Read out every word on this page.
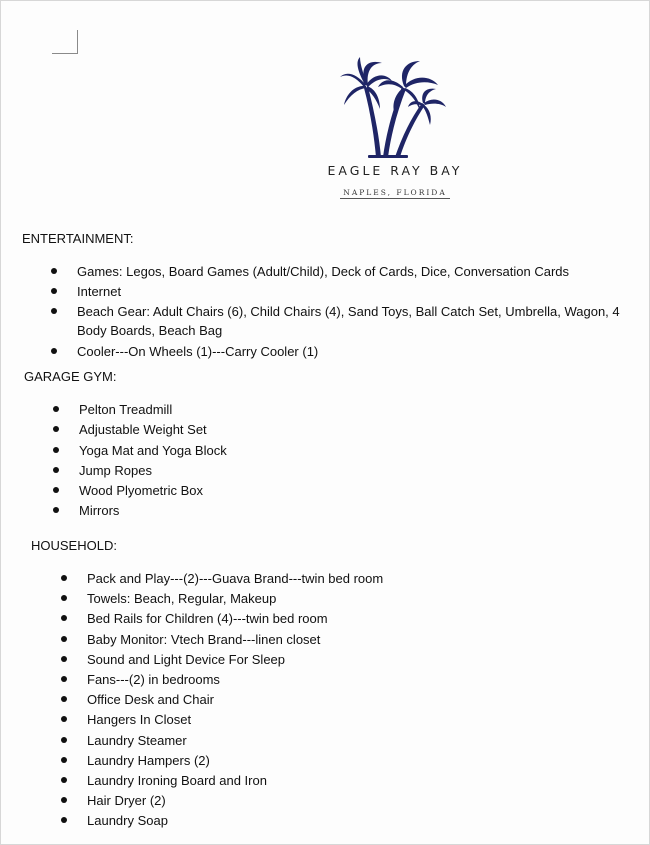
EAGLE RAY BAY
NAPLES, FLORIDA
ENTERTAINMENT:
Games: Legos, Board Games (Adult/Child), Deck of Cards, Dice, Conversation Cards
Internet
Beach Gear: Adult Chairs (6), Child Chairs (4), Sand Toys, Ball Catch Set, Umbrella, Wagon, 4 Body Boards, Beach Bag
Cooler---On Wheels (1)---Carry Cooler (1)
GARAGE GYM:
Pelton Treadmill
Adjustable Weight Set
Yoga Mat and Yoga Block
Jump Ropes
Wood Plyometric Box
Mirrors
HOUSEHOLD:
Pack and Play---(2)---Guava Brand---twin bed room
Towels: Beach, Regular, Makeup
Bed Rails for Children (4)---twin bed room
Baby Monitor: Vtech Brand---linen closet
Sound and Light Device For Sleep
Fans---(2) in bedrooms
Office Desk and Chair
Hangers In Closet
Laundry Steamer
Laundry Hampers (2)
Laundry Ironing Board and Iron
Hair Dryer (2)
Laundry Soap
